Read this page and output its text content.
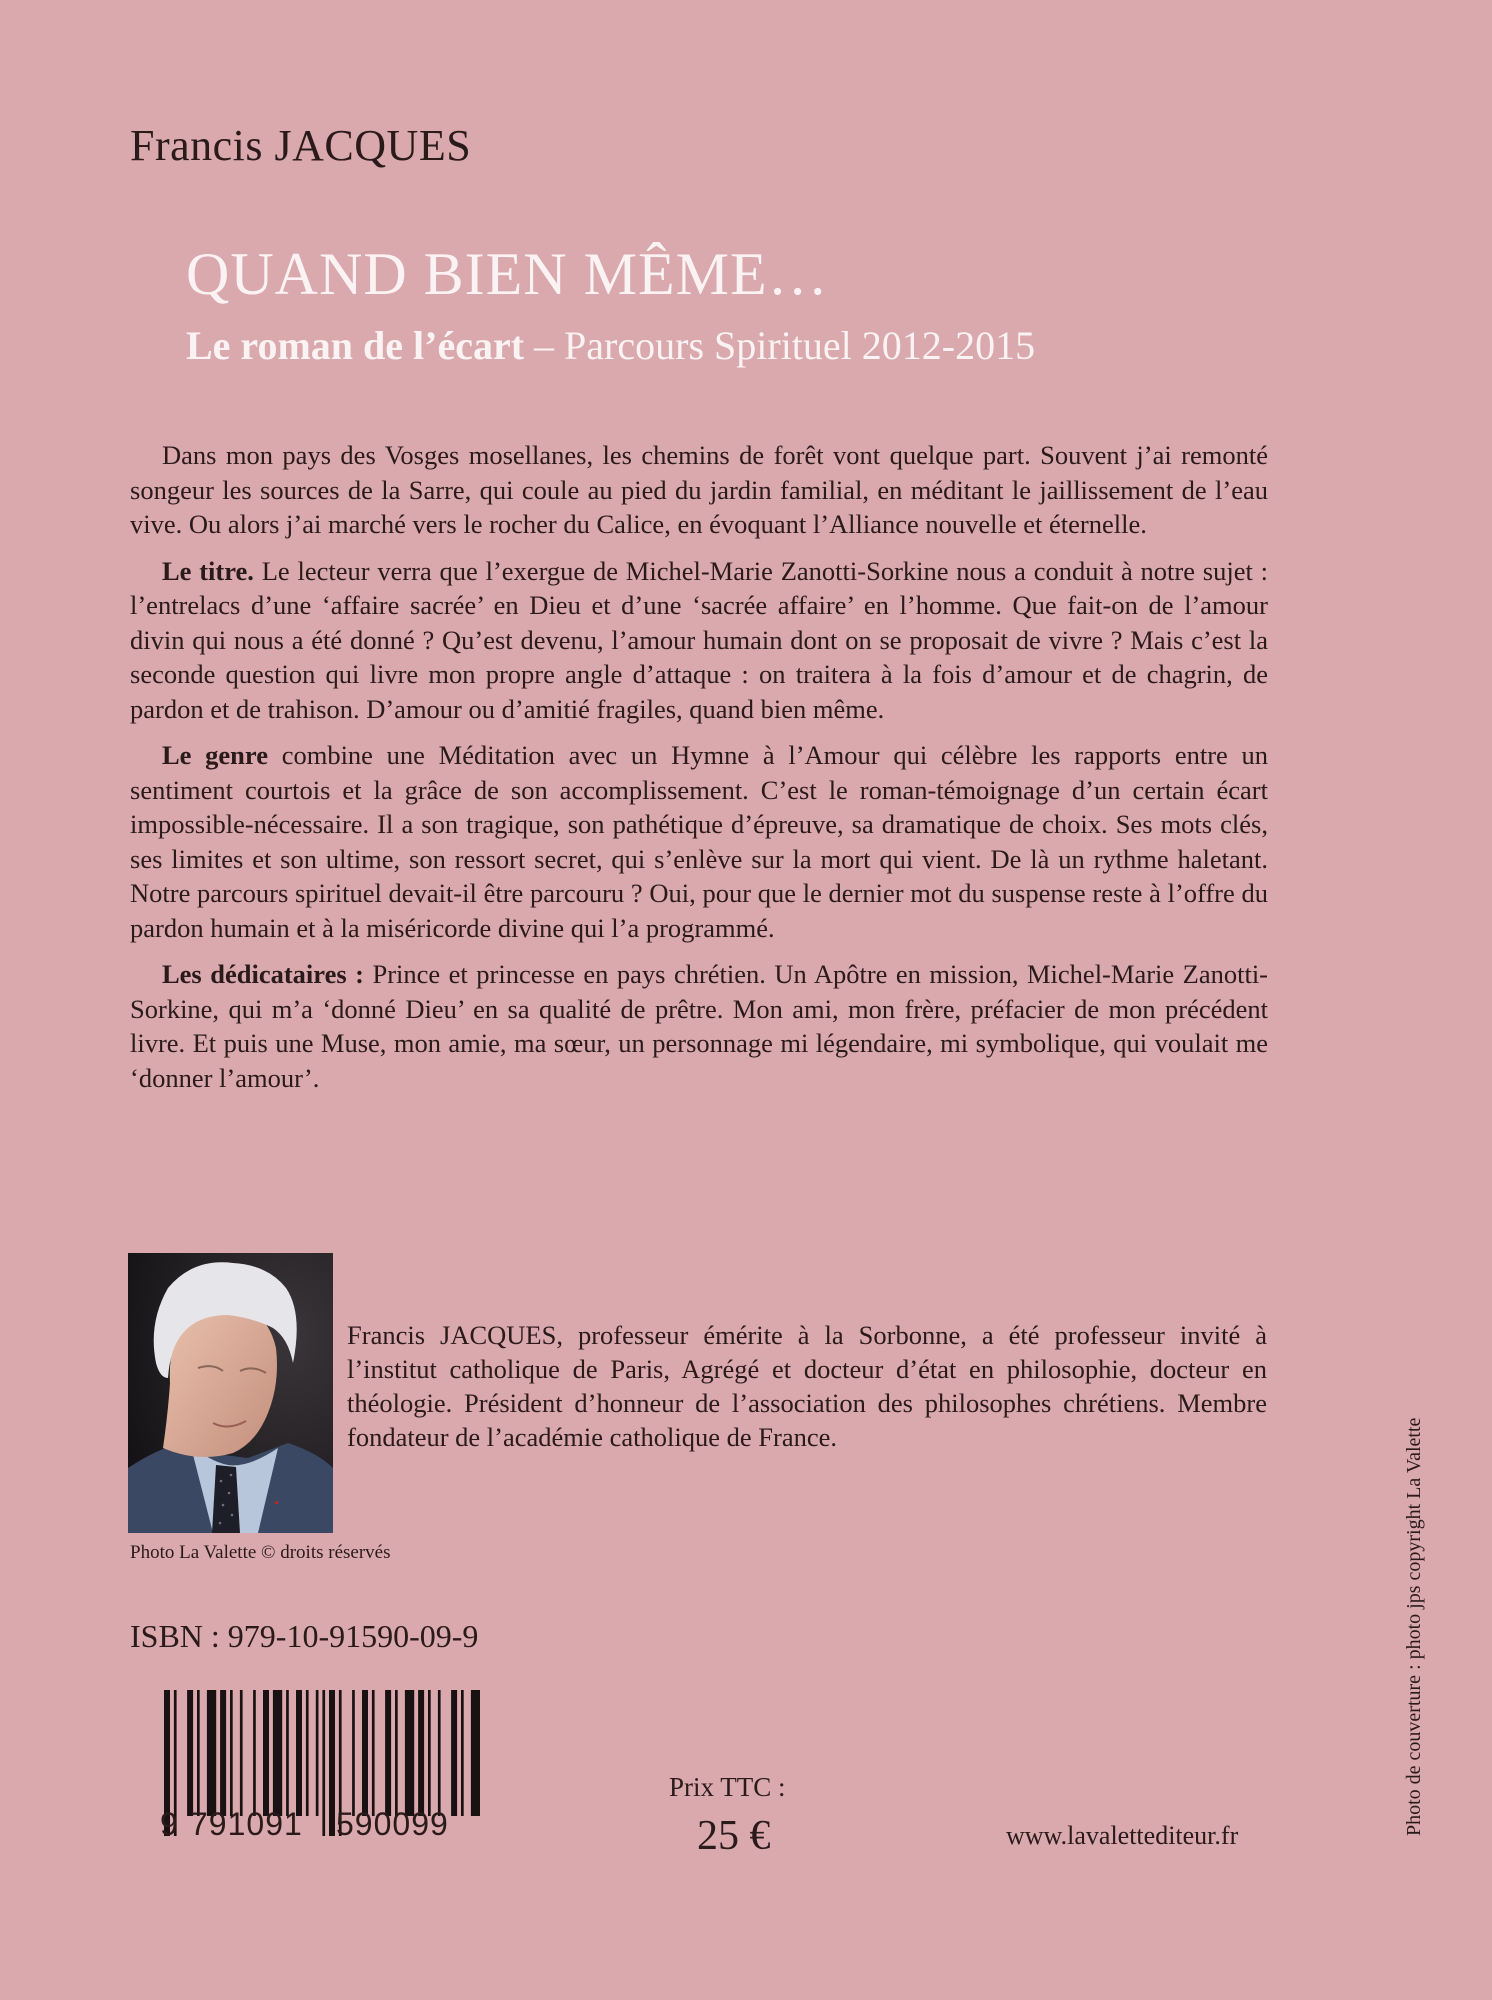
Francis JACQUES
QUAND BIEN MÊME…
Le roman de l’écart – Parcours Spirituel 2012-2015

Dans mon pays des Vosges mosellanes, les chemins de forêt vont quelque part. Souvent j’ai remonté songeur les sources de la Sarre, qui coule au pied du jardin familial, en méditant le jaillissement de l’eau vive. Ou alors j’ai marché vers le rocher du Calice, en évoquant l’Alliance nouvelle et éternelle.

Le titre. Le lecteur verra que l’exergue de Michel-Marie Zanotti-Sorkine nous a conduit à notre sujet : l’entrelacs d’une ‘affaire sacrée’ en Dieu et d’une ‘sacrée affaire’ en l’homme. Que fait-on de l’amour divin qui nous a été donné ? Qu’est devenu, l’amour humain dont on se proposait de vivre ? Mais c’est la seconde question qui livre mon propre angle d’attaque : on traitera à la fois d’amour et de chagrin, de pardon et de trahison. D’amour ou d’amitié fragiles, quand bien même.

Le genre combine une Méditation avec un Hymne à l’Amour qui célèbre les rapports entre un sentiment courtois et la grâce de son accomplissement. C’est le roman-témoignage d’un certain écart impossible-nécessaire. Il a son tragique, son pathétique d’épreuve, sa dramatique de choix. Ses mots clés, ses limites et son ultime, son ressort secret, qui s’enlève sur la mort qui vient. De là un rythme haletant. Notre parcours spirituel devait-il être parcouru ? Oui, pour que le dernier mot du suspense reste à l’offre du pardon humain et à la miséricorde divine qui l’a programmé.

Les dédicataires : Prince et princesse en pays chrétien. Un Apôtre en mission, Michel-Marie Zanotti-Sorkine, qui m’a ‘donné Dieu’ en sa qualité de prêtre. Mon ami, mon frère, préfacier de mon précédent livre. Et puis une Muse, mon amie, ma sœur, un personnage mi légendaire, mi symbolique, qui voulait me ‘donner l’amour’.

Photo La Valette © droits réservés
Francis JACQUES, professeur émérite à la Sorbonne, a été professeur invité à l’institut catholique de Paris, Agrégé et docteur d’état en philosophie, docteur en théologie. Président d’honneur de l’association des philosophes chrétiens. Membre fondateur de l’académie catholique de France.
ISBN : 979-10-91590-09-9
9 791091 590099
Prix TTC :
25 €	www.lavalettediteur.fr	Photo de couverture : photo jps copyright La Valette
